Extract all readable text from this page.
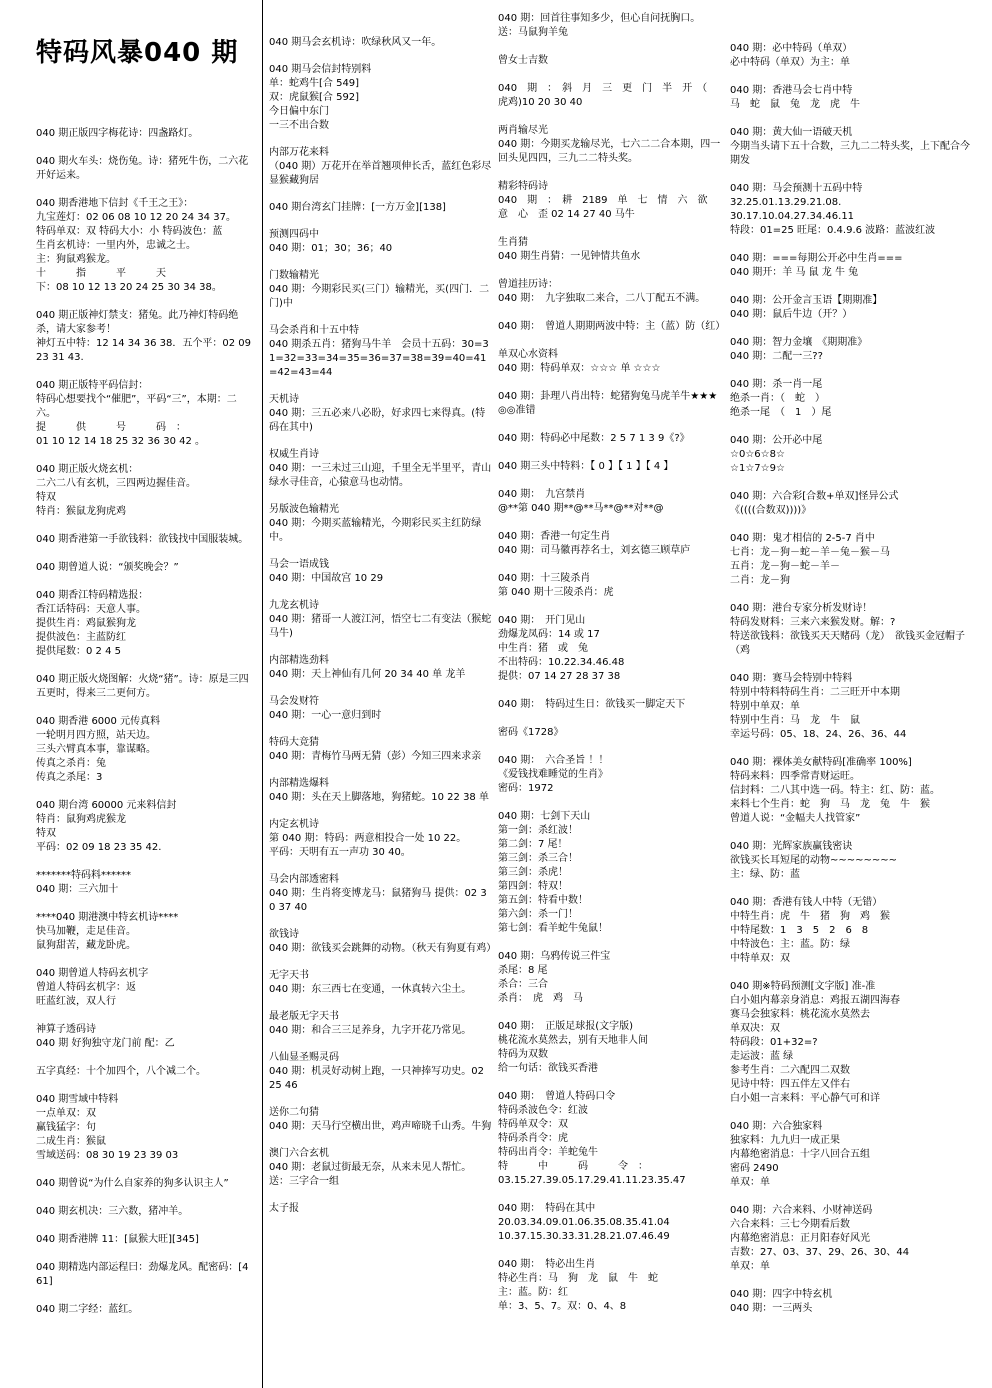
特码风暴040 期
040 期正版四字梅花诗：四盏路灯。
040 期火车头：烧伤兔。诗：猪死牛伤，二六花开好运来。
040 期香港地下信封《千王之王》：
九宝莲灯：02 06 08 10 12 20 24 34 37。
特码单双：双 特码大小：小 特码波色：蓝
生肖玄机诗：一里内外，忠诚之士。
主：狗鼠鸡猴龙。
十　　　指　　　平　　　天
下：08 10 12 13 20 24 25 30 34 38。
040 期正版神灯禁支：猪兔。此乃神灯特码绝杀，请大家参考！
神灯五中特：12 14 34 36 38．五个平：02 09 23 31 43.
040 期正版特平码信封：
特码心想要找个“催肥”，平码“三”，本期：二六。
提　　　供　　　号　　　码　：
01 10 12 14 18 25 32 36 30 42 。
040 期正版火烧玄机：
二六二八有玄机，三四两边握佳音。
特双
特肖：猴鼠龙狗虎鸡
040 期香港第一手欲钱料：欲钱找中国服装城。
040 期曾道人说：“颁奖晚会？”
040 期香江特码精选报：
香江话特码：天意人事。
提供生肖：鸡鼠猴狗龙
提供波色：主蓝防红
提供尾数：0 2 4 5
040 期正版火烧图解：火烧“猪”。诗：原是三四五更时，得来三二更何方。
040 期香港 6000 元传真料
一轮明月四方照，站天边。
三头六臂真本事，靠谋略。
传真之杀肖：兔
传真之杀尾：3
040 期台湾 60000 元来料信封
特肖：鼠狗鸡虎猴龙
特双
平码：02 09 18 23 35 42.
*******特码料******
040 期：三六加十
****040 期港澳中特玄机诗****
快马加鞭，走足佳音。
鼠狗甜苦，藏龙卧虎。
040 期曾道人特码玄机字
曾道人特码玄机字：返
旺蓝红波，双人行
神算子透码诗
040 期 好狗独守龙门前 配：乙
五字真经：十个加四个，八个减二个。
040 期雪域中特料
一点单双：双
赢钱猛字：句
二成生肖：猴鼠
雪域送码：08 30 19 23 39 03
040 期曾说“为什么自家养的狗多认识主人”
040 期玄机决：三六数，猪冲羊。
040 期香港牌 11：[鼠猴大旺][345]
040 期精选内部运程曰：劲爆龙风。配密码：[461]
040 期二字经：蓝红。
040 期马会玄机诗：吹绿秋风又一年。
040 期马会信封特别料
单：蛇鸡牛[合 549]
双：虎鼠猴[合 592]
今日偏中东门
一三不出合数
内部万花来料
（040 期）万花开在举首翘项伸长舌，蓝红色彩尽显猴藏狗居
040 期台湾玄门挂牌：[一方万金][138]
预测四码中
040 期：01；30；36；40
门数输精光
040 期：今期彩民买(三门）输精光，买(四门．二门)中
马会杀肖和十五中特
040 期杀五肖：猪狗马牛羊　会员十五码：30=31=32=33=34=35=36=37=38=39=40=41=42=43=44
天机诗
040 期：三五必来八必盼，好求四七来得真。(特码在其中)
权威生肖诗
040 期：一三未过三山迎，千里全无半里平，青山绿水寻佳音，心猿意马也动情。
另版波色输精光
040 期：今期买蓝输精光，今期彩民买主红防绿中。
马会一语成钱
040 期：中国故宫 10 29
九龙玄机诗
040 期：猪哥一人渡江河，悟空七二有变法（猴蛇马牛)
内部精选劲料
040 期：天上神仙有几何 20 34 40 单 龙羊
马会发财符
040 期：一心一意归到时
特码大竞猜
040 期：青梅竹马两无猜（彭）今知三四来求亲
内部精选爆料
040 期：头在天上脚落地，狗猪蛇。10 22 38 单
内定玄机诗
第 040 期：特码：两意相投合一处 10 22。
平码：天明有五一声功 30 40。
马会内部透密料
040 期：生肖将变博龙马：鼠猪狗马 提供：02 30 37 40
欲钱诗
040 期：欲钱买会跳舞的动物。（秋天有狗夏有鸡）
无字天书
040 期：东三西七在变通，一休真转六尘土。
最老版无字天书
040 期：和合三三足养身，九字开花乃常见。
八仙显圣赐灵码
040 期：机灵好动树上跑，一只神捧写功史。02 25 46
送你二句猜
040 期：天马行空横出世，鸡声啼晓千山秀。牛狗
澳门六合玄机
040 期：老鼠过街最无奈，从来未见人帮忙。 送：三字合一组
太子报
040 期：回首往事知多少，但心自问抚胸口。
送：马鼠狗羊兔
曾女士吉数
040　期　：　斜　月　三　更　门　半　开　（　虎鸡)10 20 30 40
两肖输尽光
040 期：今期买龙输尽光，七六二二合本期，四一回头见四四，三九二二特头奖。
精彩特码诗
040　期　：　耕　2189　单　七　情　六　欲　意　心　歪 02 14 27 40 马牛
生肖猜
040 期生肖猜：一见钟情共鱼水
曾道挂历诗：
040 期：　九字独取二来合，二八丁配五不满。
040 期：　曾道人期期两波中特：主（蓝）防（红）
单双心水资料
040 期：特码单双：☆☆☆ 单 ☆☆☆
040 期：卦理八肖出特：蛇猪狗兔马虎羊牛★★★◎◎准错
040 期：特码必中尾数：2 5 7 1 3 9《?》
040 期三头中特料：【 0 】【 1 】【 4 】
040 期：　九宫禁肖
@**第 040 期**@**马**@**对**@
040 期：香港一句定生肖
040 期：司马徽再荐名士，刘玄德三顾草庐
040 期：十三陵杀肖
第 040 期十三陵杀肖：虎
040 期：　开门见山
劲爆龙凤码：14 或 17
中生肖：猪　或　兔
不出特码：10.22.34.46.48
提供：07 14 27 28 37 38
040 期：　特码过生日：欲钱买一脚定天下
密码《1728》
040 期：　六合圣旨 ！！
《爱钱找难睡觉的生肖》
密码：1972
040 期：七剑下天山
第一剑：杀红波！
第二剑：7 尾！
第三剑：杀三合！
第三剑：杀虎！
第四剑：特双！
第五剑：特看中数！
第六剑：杀一门！
第七剑：看羊蛇牛兔鼠！
040 期：乌鸦传说三件宝
杀尾：8 尾
杀合：三合
杀肖：　虎　鸡　马
040 期：　正版足球报(文字版)
桃花流水莫然去，别有天地非人间
特码为双数
给一句话：欲钱买香港
040 期：　曾道人特码口令
特码杀波色令：红波
特码单双令：双
特码杀肖令：虎
特码出肖令：羊蛇兔牛
特　　　中　　　码　　　令　：
03.15.27.39.05.17.29.41.11.23.35.47
040 期：　特码在其中
20.03.34.09.01.06.35.08.35.41.04
10.37.15.30.33.31.28.21.07.46.49
040 期：　特必出生肖
特必生肖：马　狗　龙　鼠　牛　蛇
主：蓝。防：红
单：3、5、7。双：0、4、8
040 期：必中特码（单双）
必中特码（单双）为主：单
040 期：香港马会七肖中特
马　蛇　鼠　兔　龙　虎　牛
040 期：黄大仙一语破天机
今期当头请下五十合数，三九二二特头奖，上下配合今期发
040 期：马会预测十五码中特
32.25.01.13.29.21.08.
30.17.10.04.27.34.46.11
特段：01=25 旺尾：0.4.9.6 波路：蓝波红波
040 期：===每期公开必中生肖===
040 期开：羊 马 鼠 龙 牛 兔
040 期：公开金言玉语【期期准】
040 期：鼠后牛边（开？）
040 期：智力金壤　《期期准》
040 期：二配一三??
040 期：杀一肖一尾
绝杀一肖：（　蛇　）
绝杀一尾　（　1　）尾
040 期：公开必中尾
☆0☆6☆8☆
☆1☆7☆9☆
040 期：六合彩[合数+单双]怪异公式
《((((合数双))))》
040 期：鬼才相信的 2-5-7 肖中
七肖：龙－狗－蛇－羊－兔－猴－马
五肖：龙－狗－蛇－羊－
二肖：龙－狗
040 期：港台专家分析发财诗！
特码发财料：三来六来猴发财。解：?
特送欲钱料：欲钱买天天赌码（龙）　欲钱买金冠帽子　（鸡
040 期：赛马会特别中特料
特别中特料特码生肖：二三旺开中本期
特别中单双：单
特别中生肖：马　龙　牛　鼠
幸运号码：05、18、24、26、36、44
040 期：裸体美女献特码[准确率 100%]
特码来料：四季常青财运旺。
信封料：二八其中选一码。特主：红、防：蓝。
来料七个生肖：蛇　狗　马　龙　兔　牛　猴
曾道人说：“金幅夫人找管家”
040 期：光辉家族赢钱密诀
欲钱买长耳短尾的动物~~~~~~~~
主：绿、防：蓝
040 期：香港有钱人中特（无错）
中特生肖：虎　牛　猪　狗　鸡　猴
中特尾数：1　3　5　2　6　8
中特波色：主：蓝。防：绿
中特单双：双
040 期※特码预测[文字版] 准-准
白小姐内幕亲身消息：鸡报五湖四海春
赛马会独家料：桃花流水莫然去
单双决：双
特码段：01+32=?
走运波：蓝 绿
参考生肖：二六配四二双数
见诗中特：四五伴左又伴右
白小姐一言来料：平心静气可和详
040 期：六合独家料
独家料：九九归一成正果
内幕绝密消息：十字八回合五组
密码 2490
单双：单
040 期：六合来料、小财神送码
六合来料：三七今期看后数
内幕绝密消息：正月阳春好风光
吉数：27、03、37、29、26、30、44
单双：单
040 期：四字中特玄机
040 期：一三两头
